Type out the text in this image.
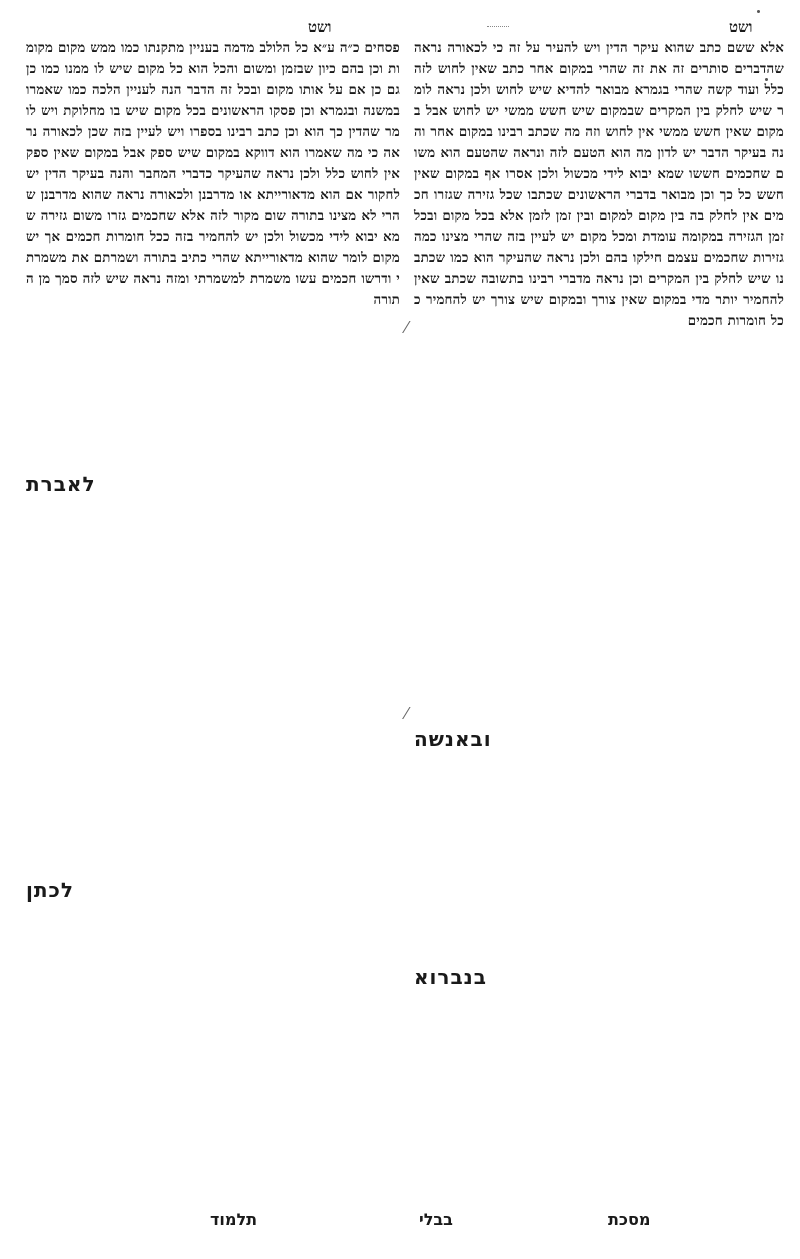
ושט	ושט
פסחים כ״ה ע״א כל הלולב מדמה בעניין מתקנתו כמו ממש מקום מקומות וכן בהם כיון שבזמן ומשום והכל הוא כל מקום שיש לו ממנו כמו כן גם כן אם על אותו מקום ובכל זה הדבר הנה לעניין הלכה כמו שאמרו במשנה ובגמרא וכן פסקו הראשונים בכל מקום שיש בו מחלוקת ויש לומר שהדין כך הוא וכן כתב רבינו בספרו ויש לעיין בזה שכן לכאורה נראה כי מה שאמרו הוא דווקא במקום שיש ספק אבל במקום שאין ספק אין לחוש כלל ולכן נראה שהעיקר כדברי המחבר והנה בעיקר הדין יש לחקור אם הוא מדאורייתא או מדרבנן ולכאורה נראה שהוא מדרבנן שהרי לא מצינו בתורה שום מקור לזה אלא שחכמים גזרו משום גזירה שמא יבוא לידי מכשול ולכן יש להחמיר בזה ככל חומרות חכמים אך יש מקום לומר שהוא מדאורייתא שהרי כתיב בתורה ושמרתם את משמרתי ודרשו חכמים עשו משמרת למשמרתי ומזה נראה שיש לזה סמך מן התורה
אלא ששם כתב שהוא עיקר הדין ויש להעיר על זה כי לכאורה נראה שהדברים סותרים זה את זה שהרי במקום אחר כתב שאין לחוש לזה כלל ועוד קשה שהרי בגמרא מבואר להדיא שיש לחוש ולכן נראה לומר שיש לחלק בין המקרים שבמקום שיש חשש ממשי יש לחוש אבל במקום שאין חשש ממשי אין לחוש וזה מה שכתב רבינו במקום אחר והנה בעיקר הדבר יש לדון מה הוא הטעם לזה ונראה שהטעם הוא משום שחכמים חששו שמא יבוא לידי מכשול ולכן אסרו אף במקום שאין חשש כל כך וכן מבואר בדברי הראשונים שכתבו שכל גזירה שגזרו חכמים אין לחלק בה בין מקום למקום ובין זמן לזמן אלא בכל מקום ובכל זמן הגזירה במקומה עומדת ומכל מקום יש לעיין בזה שהרי מצינו כמה גזירות שחכמים עצמם חילקו בהם ולכן נראה שהעיקר הוא כמו שכתבנו שיש לחלק בין המקרים וכן נראה מדברי רבינו בתשובה שכתב שאין להחמיר יותר מדי במקום שאין צורך ובמקום שיש צורך יש להחמיר ככל חומרות חכמים
לאברת
לכתן
ובאנשה
בנברוא
⁄
⁄
תלמוד	בבלי	מסכת
